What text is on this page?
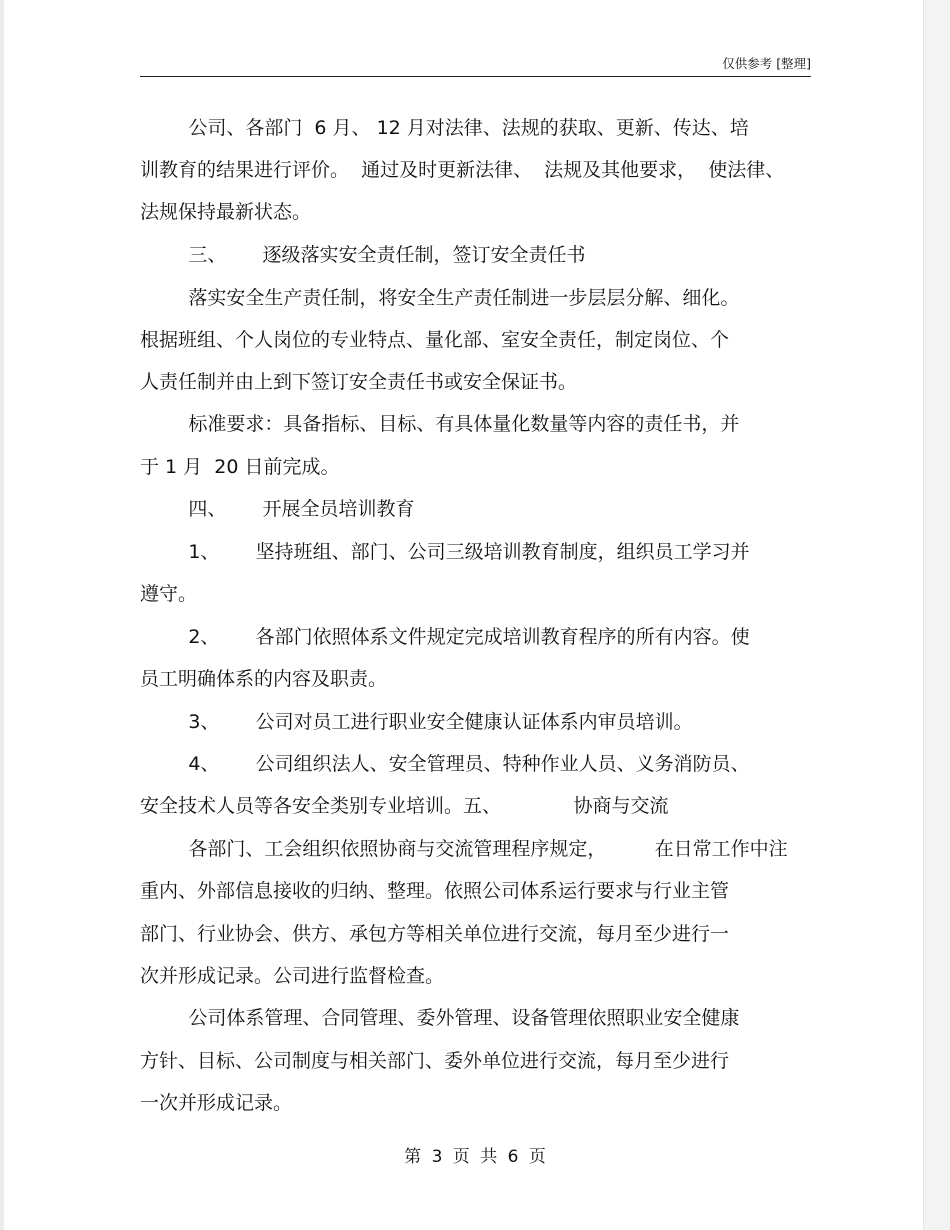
仅供参考 [整理]
公司、各部门  6 月、 12 月对法律、法规的获取、更新、传达、培
训教育的结果进行评价。  通过及时更新法律、  法规及其他要求，  使法律、
法规保持最新状态。
三、      逐级落实安全责任制，签订安全责任书
落实安全生产责任制，将安全生产责任制进一步层层分解、细化。
根据班组、个人岗位的专业特点、量化部、室安全责任，制定岗位、个
人责任制并由上到下签订安全责任书或安全保证书。
标准要求：具备指标、目标、有具体量化数量等内容的责任书，并
于 1 月  20 日前完成。
四、      开展全员培训教育
1、      坚持班组、部门、公司三级培训教育制度，组织员工学习并
遵守。
2、      各部门依照体系文件规定完成培训教育程序的所有内容。使
员工明确体系的内容及职责。
3、      公司对员工进行职业安全健康认证体系内审员培训。
4、      公司组织法人、安全管理员、特种作业人员、义务消防员、
安全技术人员等各安全类别专业培训。五、            协商与交流
各部门、工会组织依照协商与交流管理程序规定，        在日常工作中注
重内、外部信息接收的归纳、整理。依照公司体系运行要求与行业主管
部门、行业协会、供方、承包方等相关单位进行交流，每月至少进行一
次并形成记录。公司进行监督检查。
公司体系管理、合同管理、委外管理、设备管理依照职业安全健康
方针、目标、公司制度与相关部门、委外单位进行交流，每月至少进行
一次并形成记录。
第 3 页 共 6 页
